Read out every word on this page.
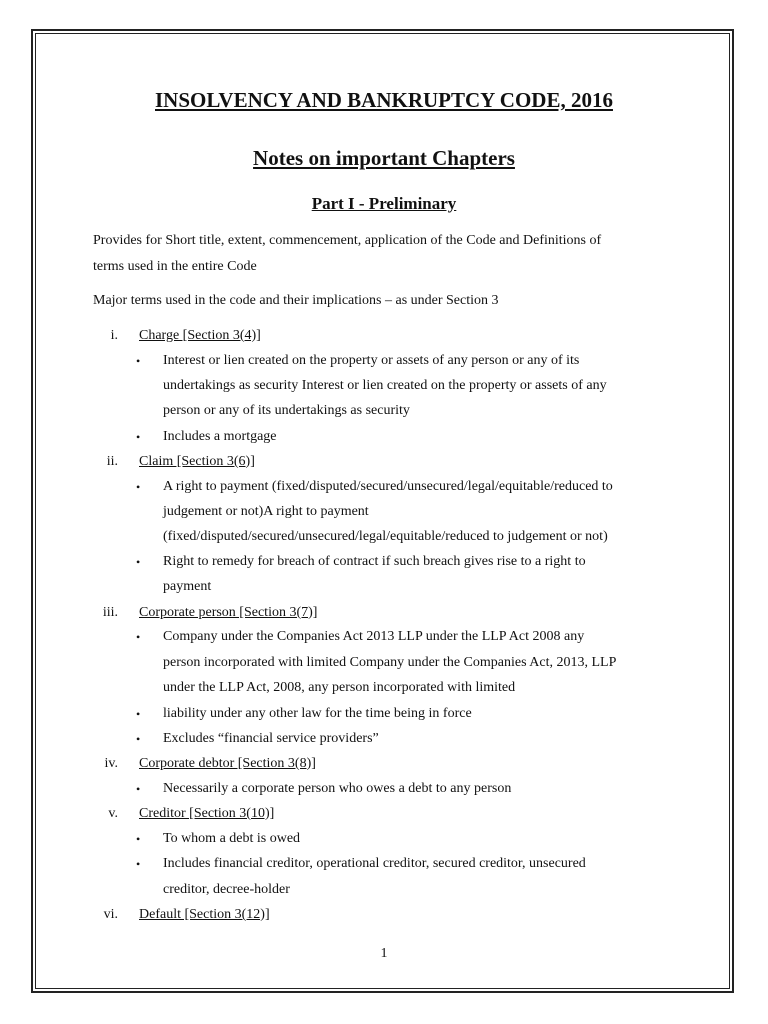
INSOLVENCY AND BANKRUPTCY CODE, 2016

Notes on important Chapters

Part I - Preliminary

Provides for Short title, extent, commencement, application of the Code and Definitions of

terms used in the entire Code

Major terms used in the code and their implications – as under Section 3

i. Charge [Section 3(4)]

• Interest or lien created on the property or assets of any person or any of its

undertakings as security Interest or lien created on the property or assets of any

person or any of its undertakings as security

• Includes a mortgage

ii. Claim [Section 3(6)]

• A right to payment (fixed/disputed/secured/unsecured/legal/equitable/reduced to

judgement or not)A right to payment

(fixed/disputed/secured/unsecured/legal/equitable/reduced to judgement or not)

• Right to remedy for breach of contract if such breach gives rise to a right to

payment

iii. Corporate person [Section 3(7)]

• Company under the Companies Act 2013 LLP under the LLP Act 2008 any

person incorporated with limited Company under the Companies Act, 2013, LLP

under the LLP Act, 2008, any person incorporated with limited

• liability under any other law for the time being in force

• Excludes “financial service providers”

iv. Corporate debtor [Section 3(8)]

• Necessarily a corporate person who owes a debt to any person

v. Creditor [Section 3(10)]

• To whom a debt is owed

• Includes financial creditor, operational creditor, secured creditor, unsecured

creditor, decree-holder

vi. Default [Section 3(12)]

1
